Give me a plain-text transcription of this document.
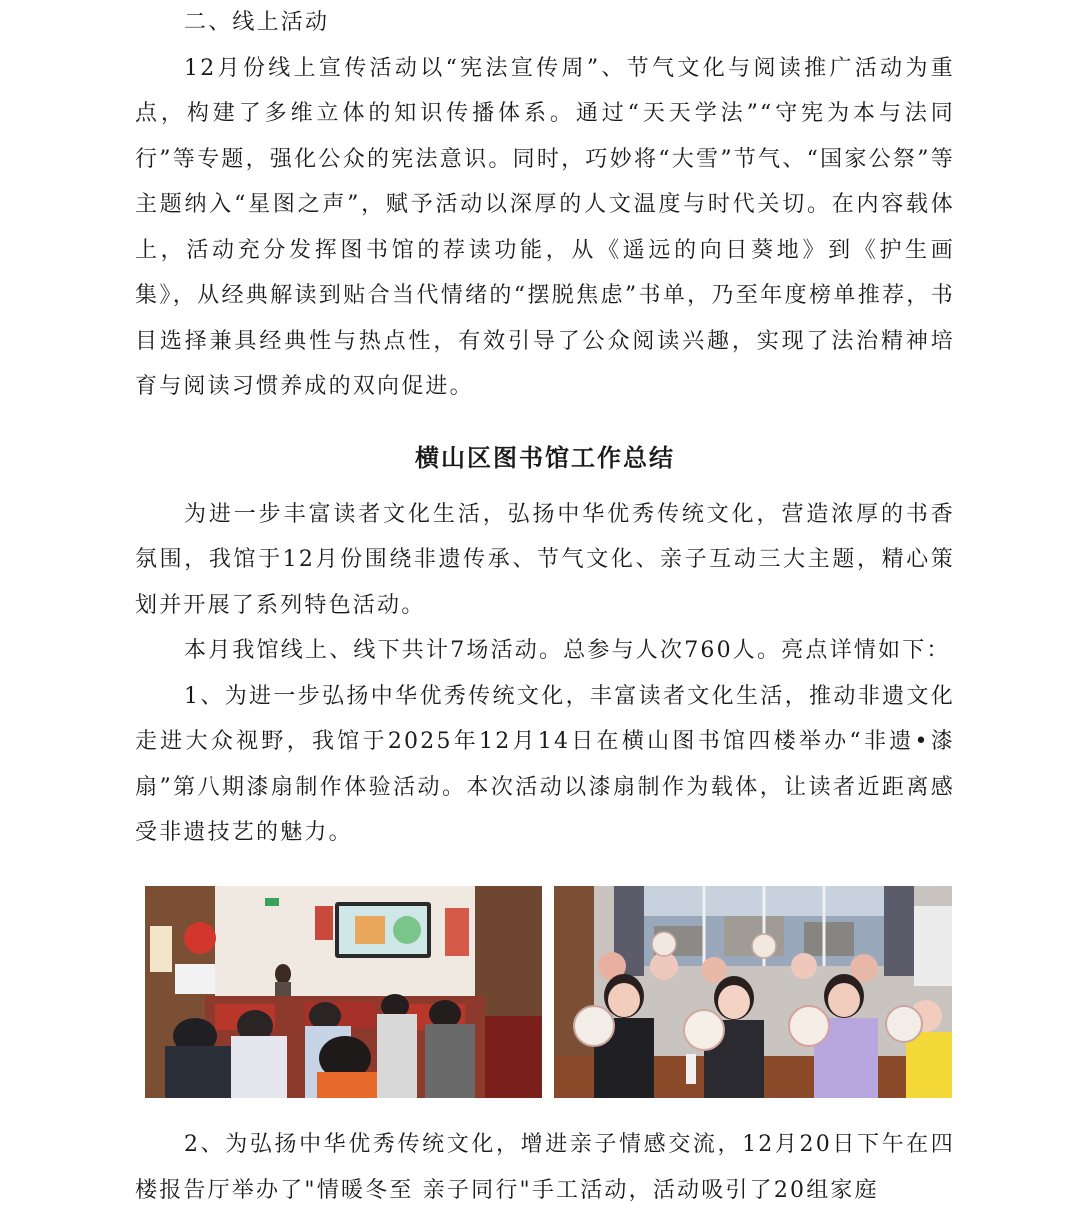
二、线上活动

12月份线上宣传活动以“宪法宣传周”、节气文化与阅读推广活动为重点，构建了多维立体的知识传播体系。通过“天天学法”“守宪为本与法同行”等专题，强化公众的宪法意识。同时，巧妙将“大雪”节气、“国家公祭”等主题纳入“星图之声”，赋予活动以深厚的人文温度与时代关切。在内容载体上，活动充分发挥图书馆的荐读功能，从《遥远的向日葵地》到《护生画集》，从经典解读到贴合当代情绪的“摆脱焦虑”书单，乃至年度榜单推荐，书目选择兼具经典性与热点性，有效引导了公众阅读兴趣，实现了法治精神培育与阅读习惯养成的双向促进。

横山区图书馆工作总结

为进一步丰富读者文化生活，弘扬中华优秀传统文化，营造浓厚的书香氛围，我馆于12月份围绕非遗传承、节气文化、亲子互动三大主题，精心策划并开展了系列特色活动。

本月我馆线上、线下共计7场活动。总参与人次760人。亮点详情如下：

1、为进一步弘扬中华优秀传统文化，丰富读者文化生活，推动非遗文化走进大众视野，我馆于2025年12月14日在横山图书馆四楼举办“非遗•漆扇”第八期漆扇制作体验活动。本次活动以漆扇制作为载体，让读者近距离感受非遗技艺的魅力。

2、为弘扬中华优秀传统文化，增进亲子情感交流，12月20日下午在四楼报告厅举办了"情暖冬至 亲子同行"手工活动，活动吸引了20组家庭
